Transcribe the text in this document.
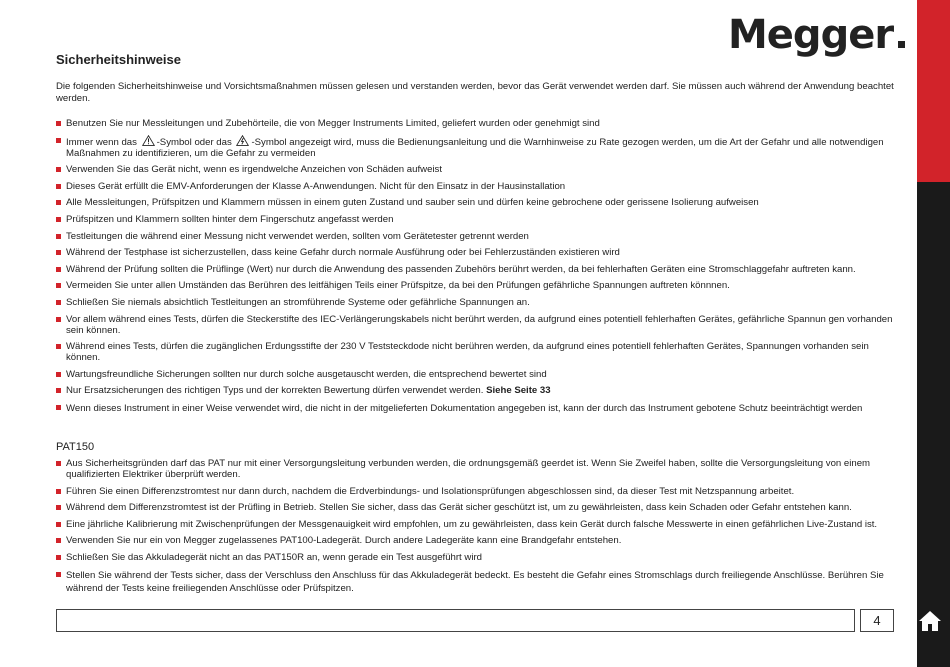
Megger
Sicherheitshinweise
Die folgenden Sicherheitshinweise und Vorsichtsmaßnahmen müssen gelesen und verstanden werden, bevor das Gerät verwendet werden darf. Sie müssen auch während der Anwendung beachtet werden.
Benutzen Sie nur Messleitungen und Zubehörteile, die von Megger Instruments Limited, geliefert wurden oder genehmigt sind
Immer wenn das -Symbol oder das -Symbol angezeigt wird, muss die Bedienungsanleitung und die Warnhinweise zu Rate gezogen werden, um die Art der Gefahr und alle notwendigen Maßnahmen zu identifizieren, um die Gefahr zu vermeiden
Verwenden Sie das Gerät nicht, wenn es irgendwelche Anzeichen von Schäden aufweist
Dieses Gerät erfüllt die EMV-Anforderungen der Klasse A-Anwendungen. Nicht für den Einsatz in der Hausinstallation
Alle Messleitungen, Prüfspitzen und Klammern müssen in einem guten Zustand und sauber sein und dürfen keine gebrochene oder gerissene Isolierung aufweisen
Prüfspitzen und Klammern sollten hinter dem Fingerschutz angefasst werden
Testleitungen die während einer Messung nicht verwendet werden, sollten vom Gerätetester getrennt werden
Während der Testphase ist sicherzustellen, dass keine Gefahr durch normale Ausführung oder bei Fehlerzuständen existieren wird
Während der Prüfung sollten die Prüflinge (Wert) nur durch die Anwendung des passenden Zubehörs berührt werden, da bei fehlerhaften Geräten eine Stromschlaggefahr auftreten kann.
Vermeiden Sie unter allen Umständen das Berühren des leitfähigen Teils einer Prüfspitze, da bei den Prüfungen gefährliche Spannungen auftreten könnnen.
Schließen Sie niemals absichtlich Testleitungen an stromführende Systeme oder gefährliche Spannungen an.
Vor allem während eines Tests, dürfen die Steckerstifte des IEC-Verlängerungskabels nicht berührt werden, da aufgrund eines potentiell fehlerhaften Gerätes, gefährliche Spannun gen vorhanden sein können.
Während eines Tests, dürfen die zugänglichen Erdungsstifte der 230 V Teststeckdode nicht berühren werden, da aufgrund eines potentiell fehlerhaften Gerätes, Spannungen vorhanden sein können.
Wartungsfreundliche Sicherungen sollten nur durch solche ausgetauscht werden, die entsprechend bewertet sind
Nur Ersatzsicherungen des richtigen Typs und der korrekten Bewertung dürfen verwendet werden. Siehe Seite 33
Wenn dieses Instrument in einer Weise verwendet wird, die nicht in der mitgelieferten Dokumentation angegeben ist, kann der durch das Instrument gebotene Schutz beeinträchtigt werden
PAT150
Aus Sicherheitsgründen darf das PAT nur mit einer Versorgungsleitung verbunden werden, die ordnungsgemäß geerdet ist. Wenn Sie Zweifel haben, sollte die Versorgungsleitung von einem qualifizierten Elektriker überprüft werden.
Führen Sie einen Differenzstromtest nur dann durch, nachdem die Erdverbindungs- und Isolationsprüfungen abgeschlossen sind, da dieser Test mit Netzspannung arbeitet.
Während dem Differenzstromtest ist der Prüfling in Betrieb. Stellen Sie sicher, dass das Gerät sicher geschützt ist, um zu gewährleisten, dass kein Schaden oder Gefahr entstehen kann.
Eine jährliche Kalibrierung mit Zwischenprüfungen der Messgenauigkeit wird empfohlen, um zu gewährleisten, dass kein Gerät durch falsche Messwerte in einen gefährlichen Live-Zustand ist.
Verwenden Sie nur ein von Megger zugelassenes PAT100-Ladegerät. Durch andere Ladegeräte kann eine Brandgefahr entstehen.
Schließen Sie das Akkuladegerät nicht an das PAT150R an, wenn gerade ein Test ausgeführt wird
Stellen Sie während der Tests sicher, dass der Verschluss den Anschluss für das Akkuladegerät bedeckt. Es besteht die Gefahr eines Stromschlags durch freiliegende Anschlüsse. Berühren Sie während der Tests keine freiliegenden Anschlüsse oder Prüfspitzen.
4
